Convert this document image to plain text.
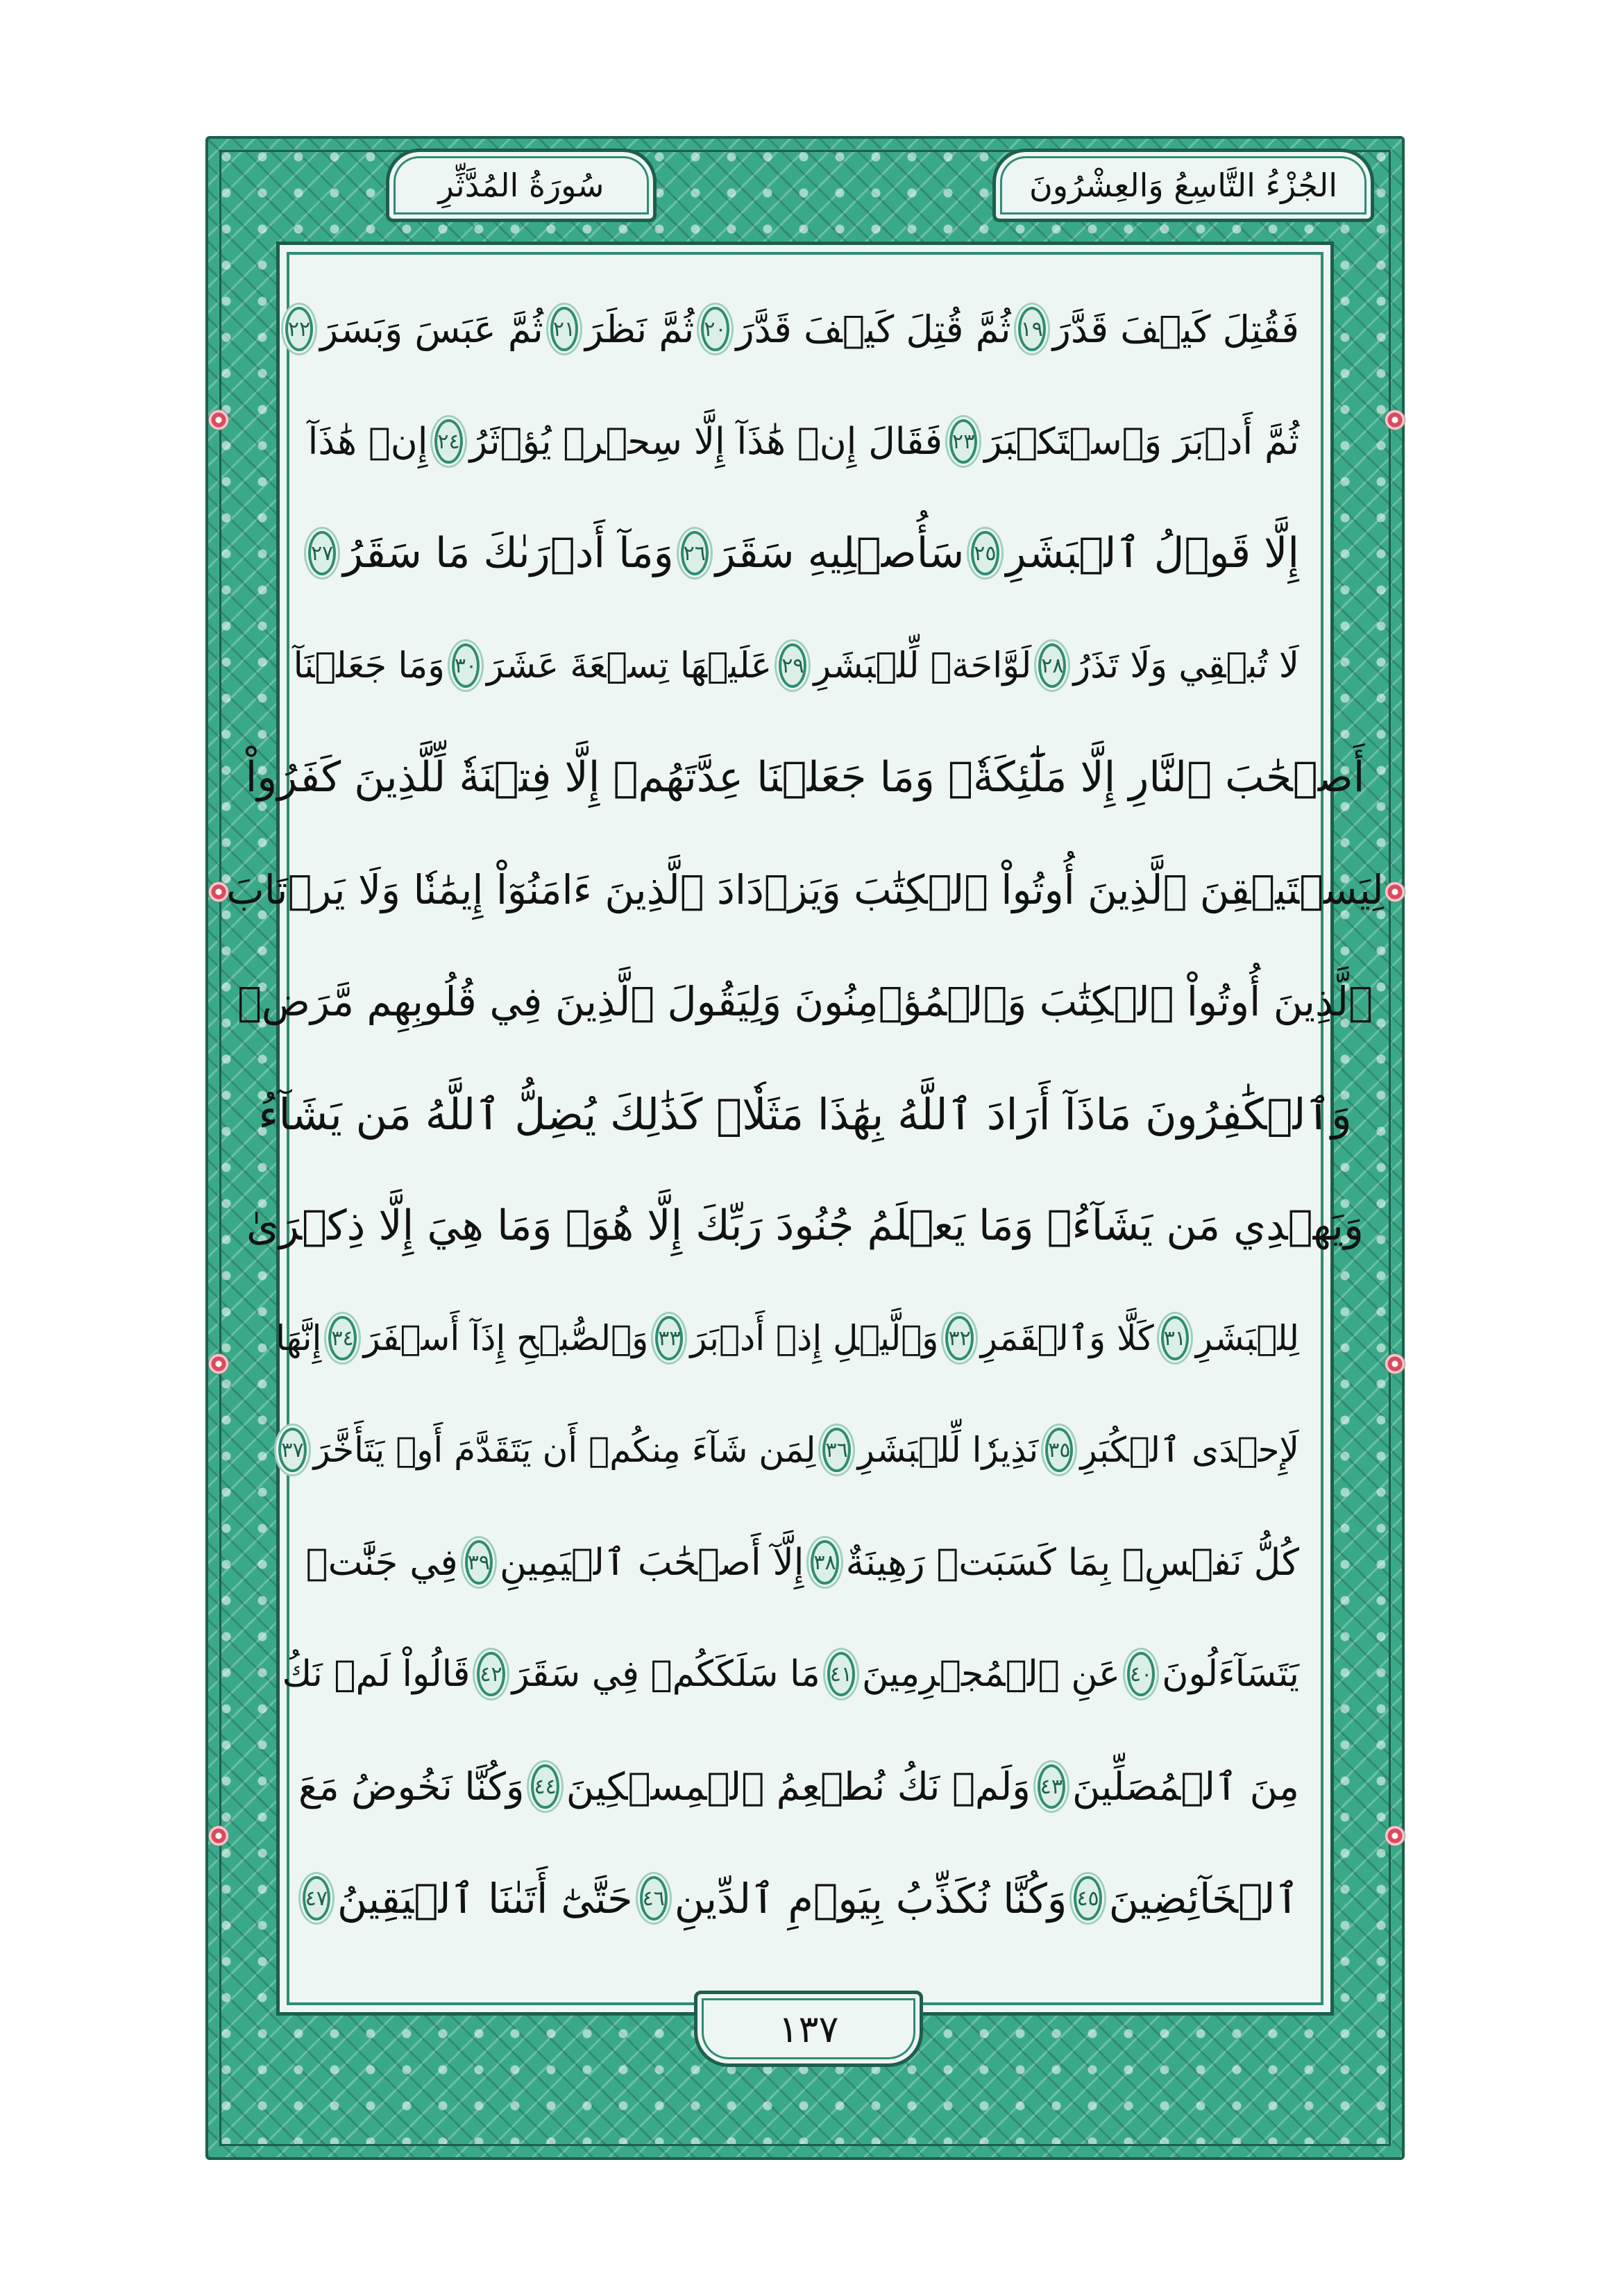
الجُزْءُ التَّاسِعُ وَالعِشْرُونَ
سُورَةُ المُدَّثِّرِ
فَقُتِلَ كَيۡفَ قَدَّرَ
١٩
ثُمَّ قُتِلَ كَيۡفَ قَدَّرَ
٢٠
ثُمَّ نَظَرَ
٢١
ثُمَّ عَبَسَ وَبَسَرَ
٢٢
ثُمَّ أَدۡبَرَ وَٱسۡتَكۡبَرَ
٢٣
فَقَالَ إِنۡ هَٰذَآ إِلَّا سِحۡرٞ يُؤۡثَرُ
٢٤
إِنۡ هَٰذَآ
إِلَّا قَوۡلُ ٱلۡبَشَرِ
٢٥
سَأُصۡلِيهِ سَقَرَ
٢٦
وَمَآ أَدۡرَىٰكَ مَا سَقَرُ
٢٧
لَا تُبۡقِي وَلَا تَذَرُ
٢٨
لَوَّاحَةٞ لِّلۡبَشَرِ
٢٩
عَلَيۡهَا تِسۡعَةَ عَشَرَ
٣٠
وَمَا جَعَلۡنَآ
أَصۡحَٰبَ ٱلنَّارِ إِلَّا مَلَٰٓئِكَةٗۖ وَمَا جَعَلۡنَا عِدَّتَهُمۡ إِلَّا فِتۡنَةٗ لِّلَّذِينَ كَفَرُواْ
لِيَسۡتَيۡقِنَ ٱلَّذِينَ أُوتُواْ ٱلۡكِتَٰبَ وَيَزۡدَادَ ٱلَّذِينَ ءَامَنُوٓاْ إِيمَٰنٗا وَلَا يَرۡتَابَ
ٱلَّذِينَ أُوتُواْ ٱلۡكِتَٰبَ وَٱلۡمُؤۡمِنُونَ وَلِيَقُولَ ٱلَّذِينَ فِي قُلُوبِهِم مَّرَضٞ
وَٱلۡكَٰفِرُونَ مَاذَآ أَرَادَ ٱللَّهُ بِهَٰذَا مَثَلٗاۚ كَذَٰلِكَ يُضِلُّ ٱللَّهُ مَن يَشَآءُ
وَيَهۡدِي مَن يَشَآءُۚ وَمَا يَعۡلَمُ جُنُودَ رَبِّكَ إِلَّا هُوَۚ وَمَا هِيَ إِلَّا ذِكۡرَىٰ
لِلۡبَشَرِ
٣١
كَلَّا وَٱلۡقَمَرِ
٣٢
وَٱلَّيۡلِ إِذۡ أَدۡبَرَ
٣٣
وَٱلصُّبۡحِ إِذَآ أَسۡفَرَ
٣٤
إِنَّهَا
لَإِحۡدَى ٱلۡكُبَرِ
٣٥
نَذِيرٗا لِّلۡبَشَرِ
٣٦
لِمَن شَآءَ مِنكُمۡ أَن يَتَقَدَّمَ أَوۡ يَتَأَخَّرَ
٣٧
كُلُّ نَفۡسِۭ بِمَا كَسَبَتۡ رَهِينَةٌ
٣٨
إِلَّآ أَصۡحَٰبَ ٱلۡيَمِينِ
٣٩
فِي جَنَّٰتٖ
يَتَسَآءَلُونَ
٤٠
عَنِ ٱلۡمُجۡرِمِينَ
٤١
مَا سَلَكَكُمۡ فِي سَقَرَ
٤٢
قَالُواْ لَمۡ نَكُ
مِنَ ٱلۡمُصَلِّينَ
٤٣
وَلَمۡ نَكُ نُطۡعِمُ ٱلۡمِسۡكِينَ
٤٤
وَكُنَّا نَخُوضُ مَعَ
ٱلۡخَآئِضِينَ
٤٥
وَكُنَّا نُكَذِّبُ بِيَوۡمِ ٱلدِّينِ
٤٦
حَتَّىٰٓ أَتَىٰنَا ٱلۡيَقِينُ
٤٧
١٣٧
